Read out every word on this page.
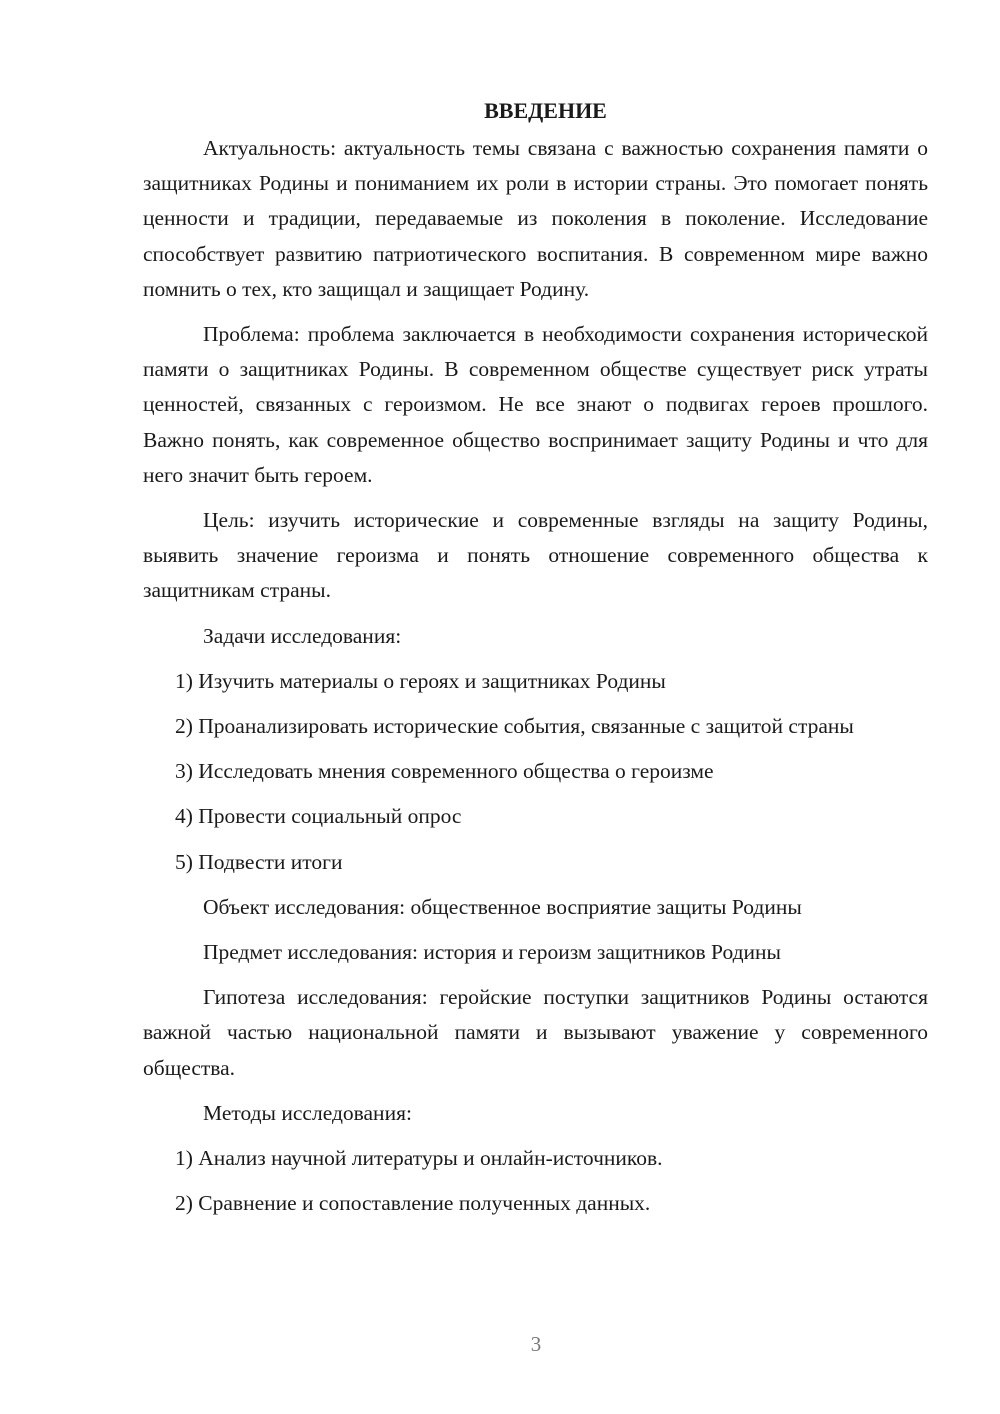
ВВЕДЕНИЕ

Актуальность: актуальность темы связана с важностью сохранения памяти о защитниках Родины и пониманием их роли в истории страны. Это помогает понять ценности и традиции, передаваемые из поколения в поколение. Исследование способствует развитию патриотического воспитания. В современном мире важно помнить о тех, кто защищал и защищает Родину.

Проблема: проблема заключается в необходимости сохранения исторической памяти о защитниках Родины. В современном обществе существует риск утраты ценностей, связанных с героизмом. Не все знают о подвигах героев прошлого. Важно понять, как современное общество воспринимает защиту Родины и что для него значит быть героем.

Цель: изучить исторические и современные взгляды на защиту Родины, выявить значение героизма и понять отношение современного общества к защитникам страны.

Задачи исследования:

1) Изучить материалы о героях и защитниках Родины

2) Проанализировать исторические события, связанные с защитой страны

3) Исследовать мнения современного общества о героизме

4) Провести социальный опрос

5) Подвести итоги

Объект исследования: общественное восприятие защиты Родины

Предмет исследования: история и героизм защитников Родины

Гипотеза исследования: геройские поступки защитников Родины остаются важной частью национальной памяти и вызывают уважение у современного общества.

Методы исследования:

1) Анализ научной литературы и онлайн-источников.

2) Сравнение и сопоставление полученных данных.

3
